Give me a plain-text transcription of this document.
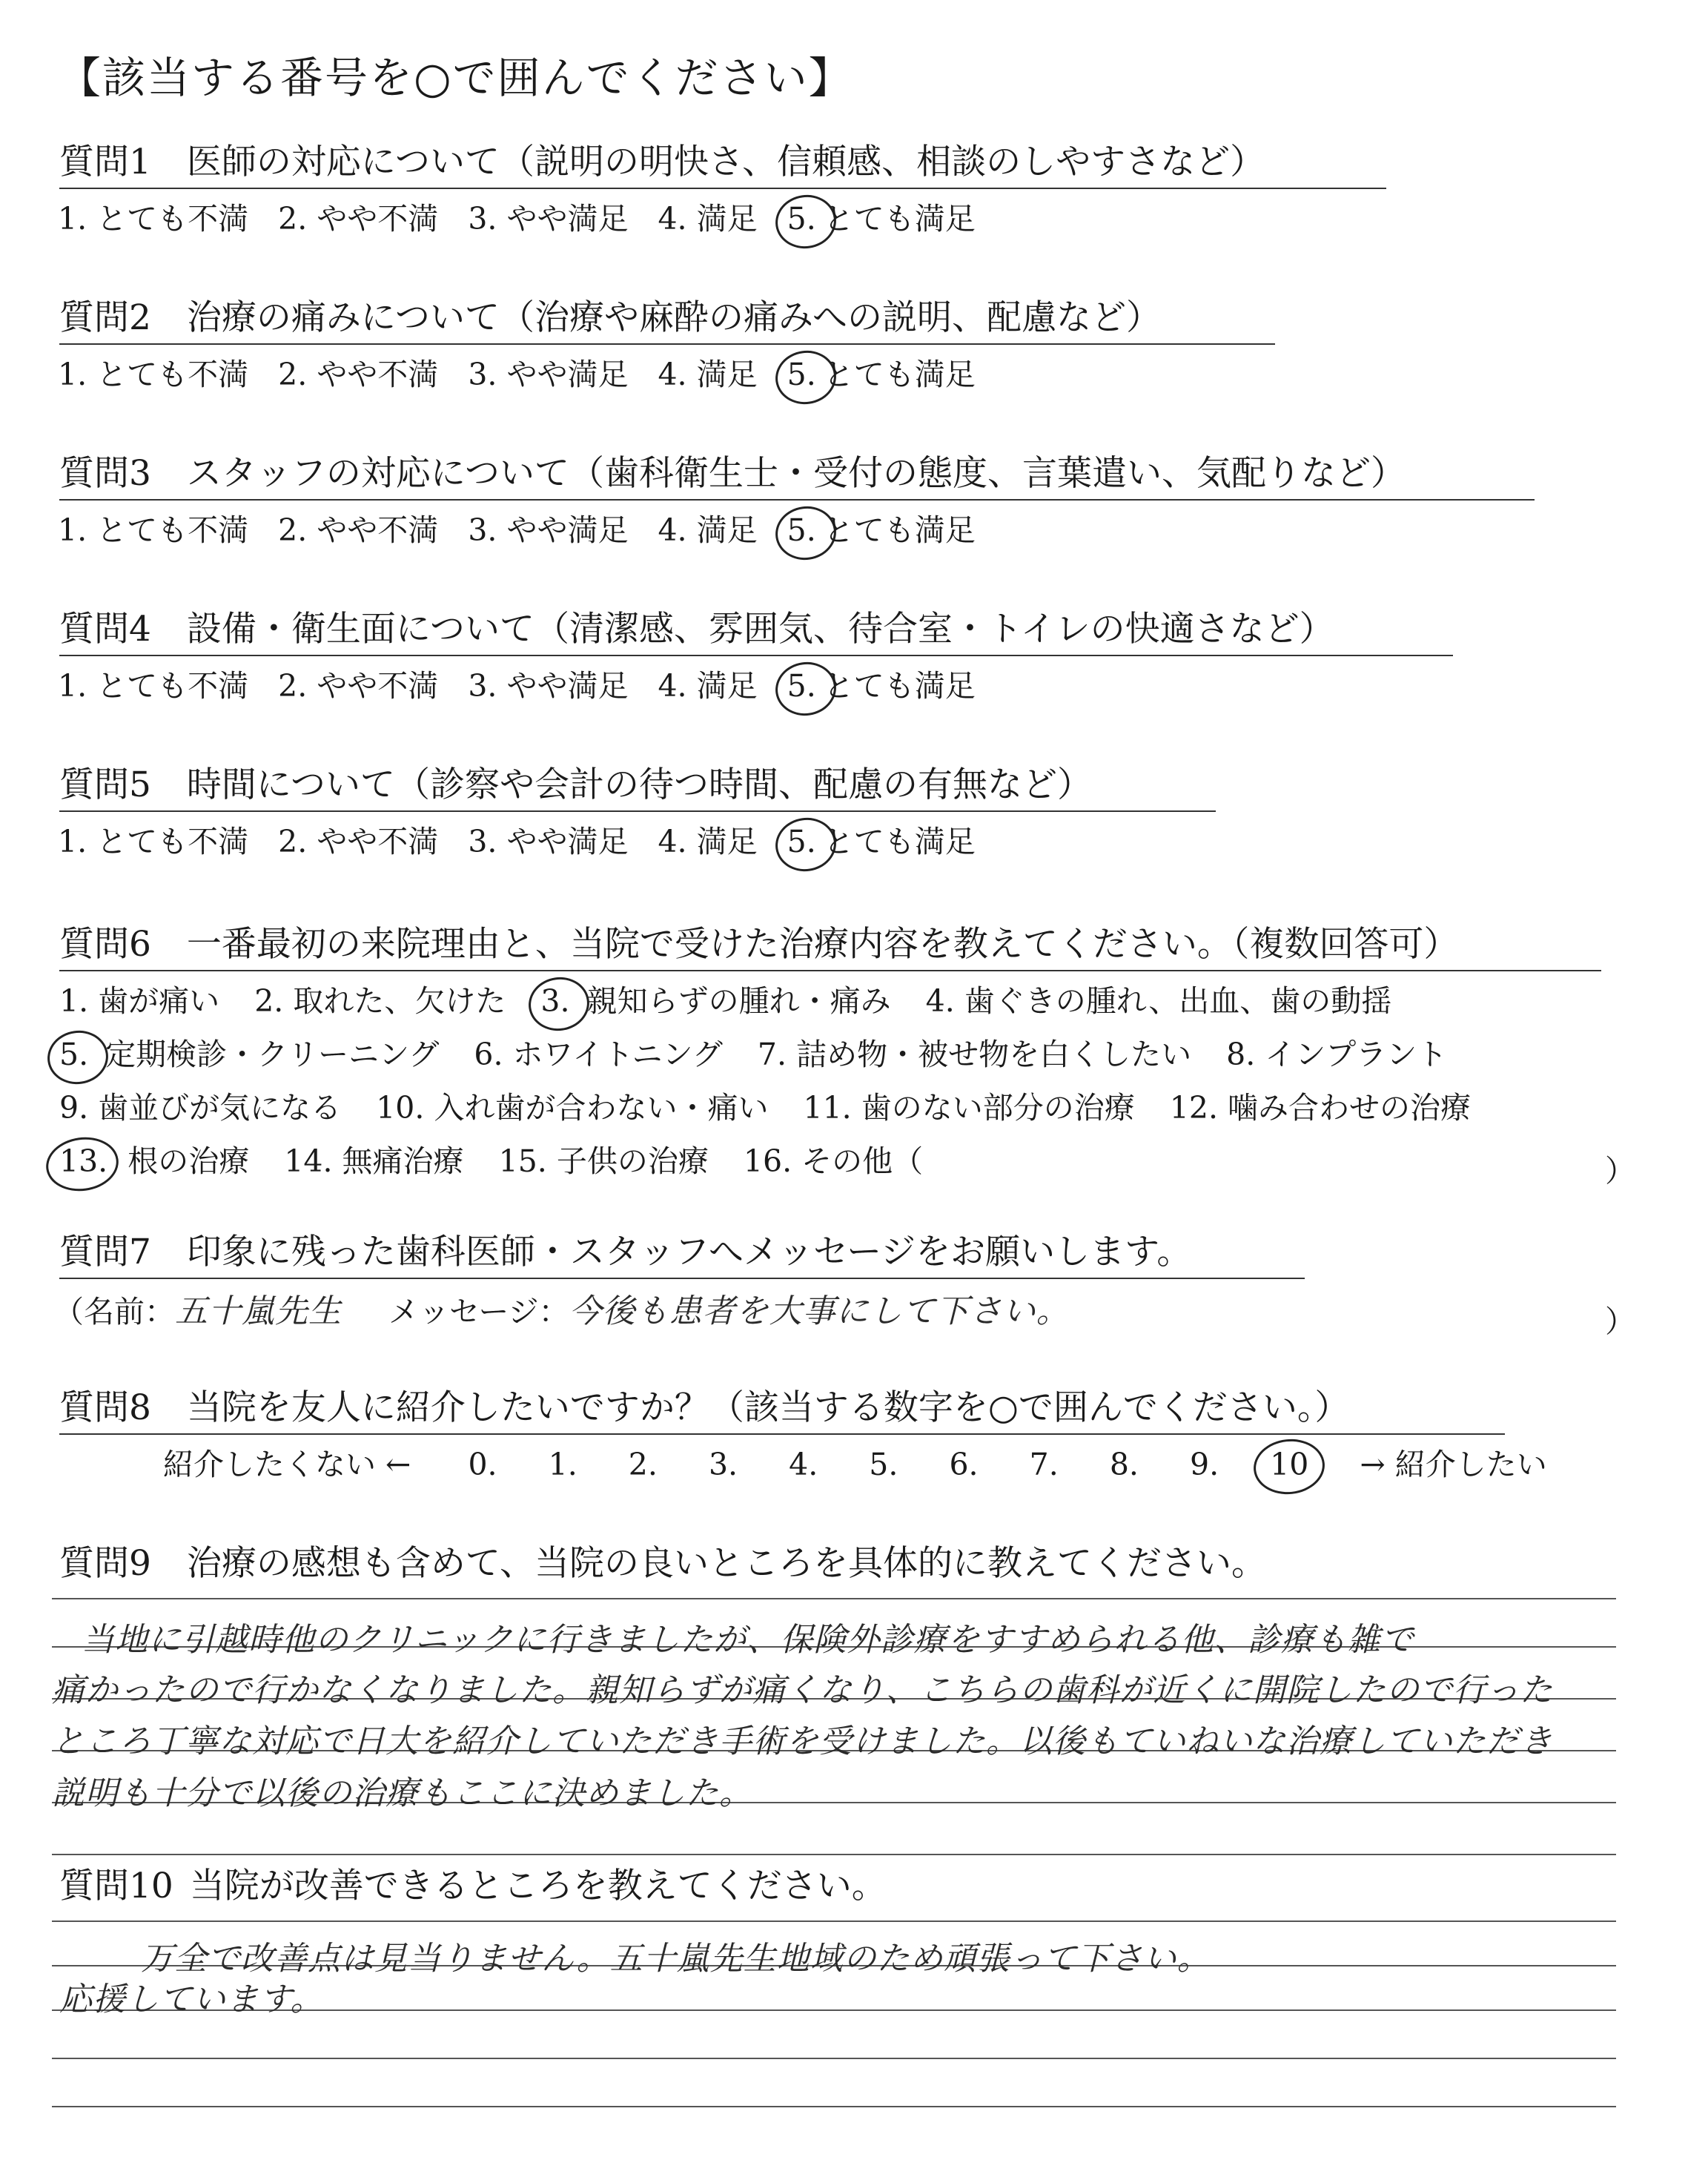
【該当する番号を○で囲んでください】
質問1 医師の対応について（説明の明快さ、信頼感、相談のしやすさなど）
1. とても不満 2. やや不満 3. やや満足 4. 満足 5. とても満足
質問2 治療の痛みについて（治療や麻酔の痛みへの説明、配慮など）
1. とても不満 2. やや不満 3. やや満足 4. 満足 5. とても満足
質問3 スタッフの対応について（歯科衛生士・受付の態度、言葉遣い、気配りなど）
1. とても不満 2. やや不満 3. やや満足 4. 満足 5. とても満足
質問4 設備・衛生面について（清潔感、雰囲気、待合室・トイレの快適さなど）
1. とても不満 2. やや不満 3. やや満足 4. 満足 5. とても満足
質問5 時間について（診察や会計の待つ時間、配慮の有無など）
1. とても不満 2. やや不満 3. やや満足 4. 満足 5. とても満足
質問6 一番最初の来院理由と、当院で受けた治療内容を教えてください。（複数回答可）
1. 歯が痛い 2. 取れた、欠けた 3. 親知らずの腫れ・痛み 4. 歯ぐきの腫れ、出血、歯の動揺
5. 定期検診・クリーニング 6. ホワイトニング 7. 詰め物・被せ物を白くしたい 8. インプラント
9. 歯並びが気になる 10. 入れ歯が合わない・痛い 11. 歯のない部分の治療 12. 噛み合わせの治療
13. 根の治療 14. 無痛治療 15. 子供の治療 16. その他（	）
質問7 印象に残った歯科医師・スタッフへメッセージをお願いします。
（名前：五十嵐先生 メッセージ：今後も患者を大事にして下さい。	）
質問8 当院を友人に紹介したいですか？（該当する数字を○で囲んでください。）
紹介したくない ← 0. 1. 2. 3. 4. 5. 6. 7. 8. 9. 10 → 紹介したい
質問9 治療の感想も含めて、当院の良いところを具体的に教えてください。
当地に引越時他のクリニックに行きましたが、保険外診療をすすめられる他、診療も雑で
痛かったので行かなくなりました。親知らずが痛くなり、こちらの歯科が近くに開院したので行った
ところ丁寧な対応で日大を紹介していただき手術を受けました。以後もていねいな治療していただき
説明も十分で以後の治療もここに決めました。
質問10 当院が改善できるところを教えてください。
万全で改善点は見当りません。五十嵐先生地域のため頑張って下さい。
応援しています。
